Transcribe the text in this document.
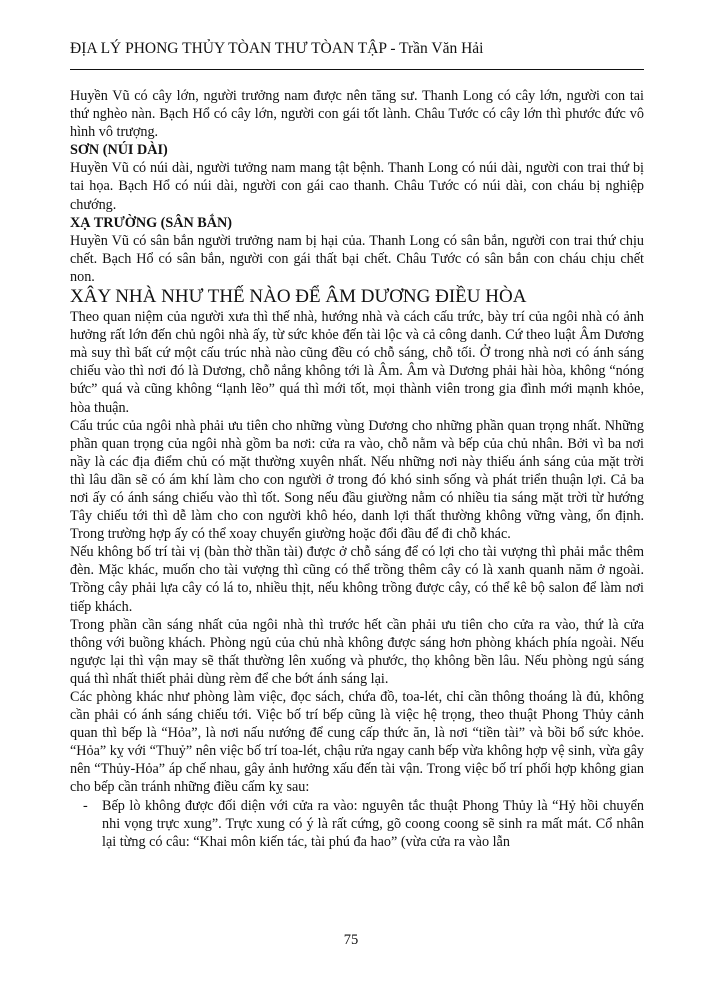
ĐỊA LÝ PHONG THỦY TÒAN THƯ TÒAN TẬP - Trần Văn Hải

Huyền Vũ có cây lớn, người trưởng nam được nên tăng sư. Thanh Long có cây lớn, người con tai thứ nghèo nàn. Bạch Hổ có cây lớn, người con gái tốt lành. Châu Tước có cây lớn thì phước đức vô hình vô trượng.

SƠN (NÚI DÀI)

Huyền Vũ có núi dài, người tưởng nam mang tật bệnh. Thanh Long có núi dài, người con trai thứ bị tai họa. Bạch Hổ có núi dài, người con gái cao thanh. Châu Tước có núi dài, con cháu bị nghiệp chướng.

XẠ TRƯỜNG (SÂN BẮN)

Huyền Vũ có sân bắn người trưởng nam bị hại của. Thanh Long có sân bắn, người con trai thứ chịu chết. Bạch Hổ có sân bắn, người con gái thất bại chết. Châu Tước có sân bắn con cháu chịu chết non.

XÂY NHÀ NHƯ THẾ NÀO ĐỂ ÂM DƯƠNG ĐIỀU HÒA

Theo quan niệm của người xưa thì thế nhà, hướng nhà và cách cấu trức, bày trí của ngôi nhà có ảnh hưởng rất lớn đến chủ ngôi nhà ấy, từ sức khỏe đến tài lộc và cả công danh. Cứ theo luật Âm Dương mà suy thì bất cứ một cấu trúc nhà nào cũng đều có chỗ sáng, chỗ tối. Ở trong nhà nơi có ánh sáng chiếu vào thì nơi đó là Dương, chỗ nắng không tới là Âm. Âm và Dương phải hài hòa, không “nóng bức” quá và cũng không “lạnh lẽo” quá thì mới tốt, mọi thành viên trong gia đình mới mạnh khỏe, hòa thuận.

Cấu trúc của ngôi nhà phải ưu tiên cho những vùng Dương cho những phần quan trọng nhất. Những phần quan trọng của ngôi nhà gồm ba nơi: cửa ra vào, chỗ nằm và bếp của chủ nhân. Bởi vì ba nơi nầy là các địa điểm chủ có mặt thường xuyên nhất. Nếu những nơi này thiếu ánh sáng của mặt trời thì lâu dần sẽ có ám khí làm cho con người ở trong đó khó sinh sống và phát triển thuận lợi. Cả ba nơi ấy có ánh sáng chiếu vào thì tốt. Song nếu đầu giường nằm có nhiều tia sáng mặt trời từ hướng Tây chiếu tới thì dễ làm cho con người khô héo, danh lợi thất thường không vững vàng, ổn định. Trong trường hợp ấy có thể xoay chuyển giường hoặc đổi đầu để đi chỗ khác.

Nếu không bố trí tài vị (bàn thờ thần tài) được ở chỗ sáng để có lợi cho tài vượng thì phải mắc thêm đèn. Mặc khác, muốn cho tài vượng thì cũng có thể trồng thêm cây có là xanh quanh năm ở ngoài. Trồng cây phải lựa cây có lá to, nhiều thịt, nếu không trồng được cây, có thể kê bộ salon để làm nơi tiếp khách.

Trong phần cần sáng nhất của ngôi nhà thì trước hết cần phải ưu tiên cho cửa ra vào, thứ là cửa thông với buồng khách. Phòng ngủ của chủ nhà không được sáng hơn phòng khách phía ngoài. Nếu ngược lại thì vận may sẽ thất thường lên xuống và phước, thọ không bền lâu. Nếu phòng ngủ sáng quá thì nhất thiết phải dùng rèm để che bớt ánh sáng lại.

Các phòng khác như phòng làm việc, đọc sách, chứa đồ, toa-lét, chỉ cần thông thoáng là đủ, không cần phải có ánh sáng chiếu tới. Việc bố trí bếp cũng là việc hệ trọng, theo thuật Phong Thủy cảnh quan thì bếp là “Hỏa”, là nơi nấu nướng để cung cấp thức ăn, là nơi “tiền tài” và bồi bổ sức khỏe. “Hỏa” kỵ với “Thuỷ” nên việc bố trí toa-lét, chậu rửa ngay canh bếp vừa không hợp vệ sinh, vừa gây nên “Thủy-Hỏa” áp chế nhau, gây ảnh hưởng xấu đến tài vận. Trong việc bố trí phối hợp không gian cho bếp cần tránh những điều cấm kỵ sau:

- Bếp lò không được đối diện với cửa ra vào: nguyên tắc thuật Phong Thủy là “Hỷ hồi chuyển nhi vọng trực xung”. Trực xung có ý là rất cứng, gõ coong coong sẽ sinh ra mất mát. Cổ nhân lại từng có câu: “Khai môn kiến tác, tài phú đa hao” (vừa cửa ra vào lẫn
75
